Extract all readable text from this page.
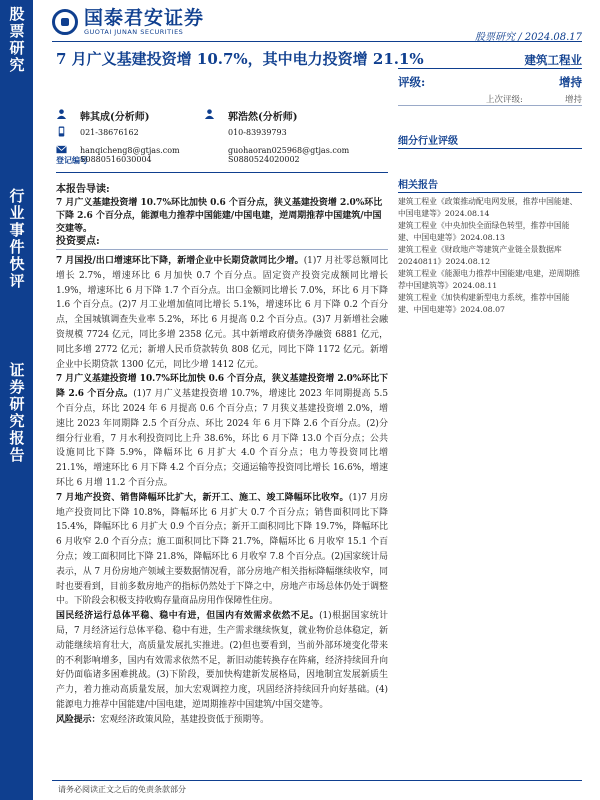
股
票
研
究
行
业
事
件
快
评
证
券
研
究
报
告
国泰君安证券
GUOTAI JUNAN SECURITIES	股票研究 / 2024.08.17
7 月广义基建投资增 10.7%，其中电力投资增 21.1%	建筑工程业
评级:	增持
上次评级:	增持
韩其成(分析师)
021-38676162
hanqicheng8@gtjas.com
郭浩然(分析师)
010-83939793
guohaoran025968@gtjas.com
登记编号
S0880516030004	S0880524020002
本报告导读:
7 月广义基建投资增 10.7%环比加快 0.6 个百分点，狭义基建投资增 2.0%环比下降 2.6 个百分点，能源电力推荐中国能建/中国电建，逆周期推荐中国建筑/中国交建等。
投资要点:

7 月国投/出口增速环比下降，新增企业中长期贷款同比少增。(1)7 月社零总额同比增长 2.7%，增速环比 6 月加快 0.7 个百分点。固定资产投资完成额同比增长 1.9%，增速环比 6 月下降 1.7 个百分点。出口金额同比增长 7.0%，环比 6 月下降 1.6 个百分点。(2)7 月工业增加值同比增长 5.1%，增速环比 6 月下降 0.2 个百分点，全国城镇调查失业率 5.2%，环比 6 月提高 0.2 个百分点。(3)7 月新增社会融资规模 7724 亿元，同比多增 2358 亿元。其中新增政府债务净融资 6881 亿元，同比多增 2772 亿元；新增人民币贷款转负 808 亿元，同比下降 1172 亿元。新增企业中长期贷款 1300 亿元，同比少增 1412 亿元。

7 月广义基建投资增 10.7%环比加快 0.6 个百分点，狭义基建投资增 2.0%环比下降 2.6 个百分点。(1)7 月广义基建投资增 10.7%，增速比 2023 年同期提高 5.5 个百分点，环比 2024 年 6 月提高 0.6 个百分点；7 月狭义基建投资增 2.0%，增速比 2023 年同期降 2.5 个百分点、环比 2024 年 6 月下降 2.6 个百分点。(2)分细分行业看，7 月水利投资同比上升 38.6%，环比 6 月下降 13.0 个百分点；公共设施同比下降 5.9%，降幅环比 6 月扩大 4.0 个百分点；电力等投资同比增 21.1%，增速环比 6 月下降 4.2 个百分点；交通运输等投资同比增长 16.6%，增速环比 6 月增 11.2 个百分点。

7 月地产投资、销售降幅环比扩大，新开工、施工、竣工降幅环比收窄。(1)7 月房地产投资同比下降 10.8%，降幅环比 6 月扩大 0.7 个百分点；销售面积同比下降 15.4%，降幅环比 6 月扩大 0.9 个百分点；新开工面积同比下降 19.7%，降幅环比 6 月收窄 2.0 个百分点；施工面积同比下降 21.7%，降幅环比 6 月收窄 15.1 个百分点；竣工面积同比下降 21.8%，降幅环比 6 月收窄 7.8 个百分点。(2)国家统计局表示，从 7 月份房地产领域主要数据情况看，部分房地产相关指标降幅继续收窄，同时也要看到，目前多数房地产的指标仍然处于下降之中，房地产市场总体仍处于调整中。下阶段会积极支持收购存量商品房用作保障性住房。

国民经济运行总体平稳、稳中有进，但国内有效需求依然不足。(1)根据国家统计局，7 月经济运行总体平稳、稳中有进，生产需求继续恢复，就业物价总体稳定，新动能继续培育壮大，高质量发展扎实推进。(2)但也要看到，当前外部环境变化带来的不利影响增多，国内有效需求依然不足，新旧动能转换存在阵痛，经济持续回升向好仍面临诸多困难挑战。(3)下阶段，要加快构建新发展格局，因地制宜发展新质生产力，着力推动高质量发展，加大宏观调控力度，巩固经济持续回升向好基础。(4)能源电力推荐中国能建/中国电建，逆周期推荐中国建筑/中国交建等。

风险提示：宏观经济政策风险，基建投资低于预期等。

细分行业评级
相关报告
建筑工程业《政策推动配电网发展，推荐中国能建、中国电建等》2024.08.14
建筑工程业《中央加快全面绿色转型，推荐中国能建、中国电建等》2024.08.13
建筑工程业《财政地产等建筑产业链全景数据库 20240811》2024.08.12
建筑工程业《能源电力推荐中国能建/电建，逆周期推荐中国建筑等》2024.08.11
建筑工程业《加快构建新型电力系统，推荐中国能建、中国电建等》2024.08.07
请务必阅读正文之后的免责条款部分
